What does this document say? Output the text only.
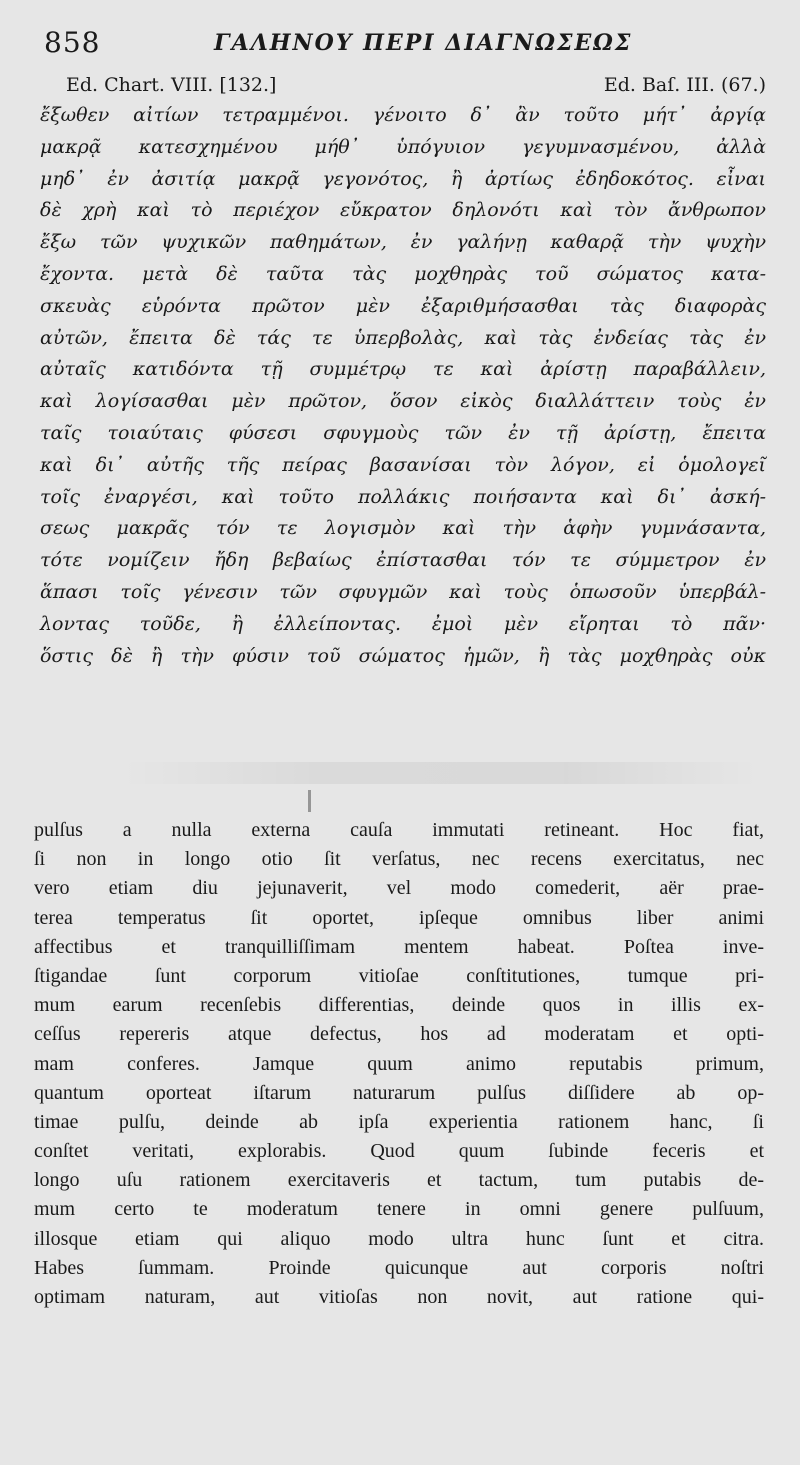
858	ΓΑΛΗΝΟΥ ΠΕΡΙ ΔΙΑΓΝΩΣΕΩΣ
Ed. Chart. VIII. [132.]	Ed. Baſ. III. (67.)
ἔξωθεν αἰτίων τετραμμένοι. γένοιτο δ᾽ ἂν τοῦτο μήτ᾽ ἀργίᾳ
μακρᾷ κατεσχημένου μήθ᾽ ὑπόγυιον γεγυμνασμένου, ἀλλὰ
μηδ᾽ ἐν ἀσιτίᾳ μακρᾷ γεγονότος, ἢ ἀρτίως ἐδηδοκότος. εἶναι
δὲ χρὴ καὶ τὸ περιέχον εὔκρατον δηλονότι καὶ τὸν ἄνθρωπον
ἔξω τῶν ψυχικῶν παθημάτων, ἐν γαλήνῃ καθαρᾷ τὴν ψυχὴν
ἔχοντα. μετὰ δὲ ταῦτα τὰς μοχθηρὰς τοῦ σώματος κατα-
σκευὰς εὑρόντα πρῶτον μὲν ἐξαριθμήσασθαι τὰς διαφορὰς
αὐτῶν, ἔπειτα δὲ τάς τε ὑπερβολὰς, καὶ τὰς ἐνδείας τὰς ἐν
αὐταῖς κατιδόντα τῇ συμμέτρῳ τε καὶ ἀρίστῃ παραβάλλειν,
καὶ λογίσασθαι μὲν πρῶτον, ὅσον εἰκὸς διαλλάττειν τοὺς ἐν
ταῖς τοιαύταις φύσεσι σφυγμοὺς τῶν ἐν τῇ ἀρίστῃ, ἔπειτα
καὶ δι᾽ αὐτῆς τῆς πείρας βασανίσαι τὸν λόγον, εἰ ὁμολογεῖ
τοῖς ἐναργέσι, καὶ τοῦτο πολλάκις ποιήσαντα καὶ δι᾽ ἀσκή-
σεως μακρᾶς τόν τε λογισμὸν καὶ τὴν ἁφὴν γυμνάσαντα,
τότε νομίζειν ἤδη βεβαίως ἐπίστασθαι τόν τε σύμμετρον ἐν
ἅπασι τοῖς γένεσιν τῶν σφυγμῶν καὶ τοὺς ὁπωσοῦν ὑπερβάλ-
λοντας τοῦδε, ἢ ἐλλείποντας. ἐμοὶ μὲν εἴρηται τὸ πᾶν·
ὅστις δὲ ἢ τὴν φύσιν τοῦ σώματος ἡμῶν, ἢ τὰς μοχθηρὰς οὐκ
pulſus a nulla externa cauſa immutati retineant. Hoc fiat,
ſi non in longo otio ſit verſatus, nec recens exercitatus, nec
vero etiam diu jejunaverit, vel modo comederit, aër prae-
terea temperatus ſit oportet, ipſeque omnibus liber animi
affectibus et tranquilliſſimam mentem habeat. Poſtea inve-
ſtigandae ſunt corporum vitioſae conſtitutiones, tumque pri-
mum earum recenſebis differentias, deinde quos in illis ex-
ceſſus repereris atque defectus, hos ad moderatam et opti-
mam conferes. Jamque quum animo reputabis primum,
quantum oporteat iſtarum naturarum pulſus diſſidere ab op-
timae pulſu, deinde ab ipſa experientia rationem hanc, ſi
conſtet veritati, explorabis. Quod quum ſubinde feceris et
longo uſu rationem exercitaveris et tactum, tum putabis de-
mum certo te moderatum tenere in omni genere pulſuum,
illosque etiam qui aliquo modo ultra hunc ſunt et citra.
Habes ſummam. Proinde quicunque aut corporis noſtri
optimam naturam, aut vitioſas non novit, aut ratione qui-
